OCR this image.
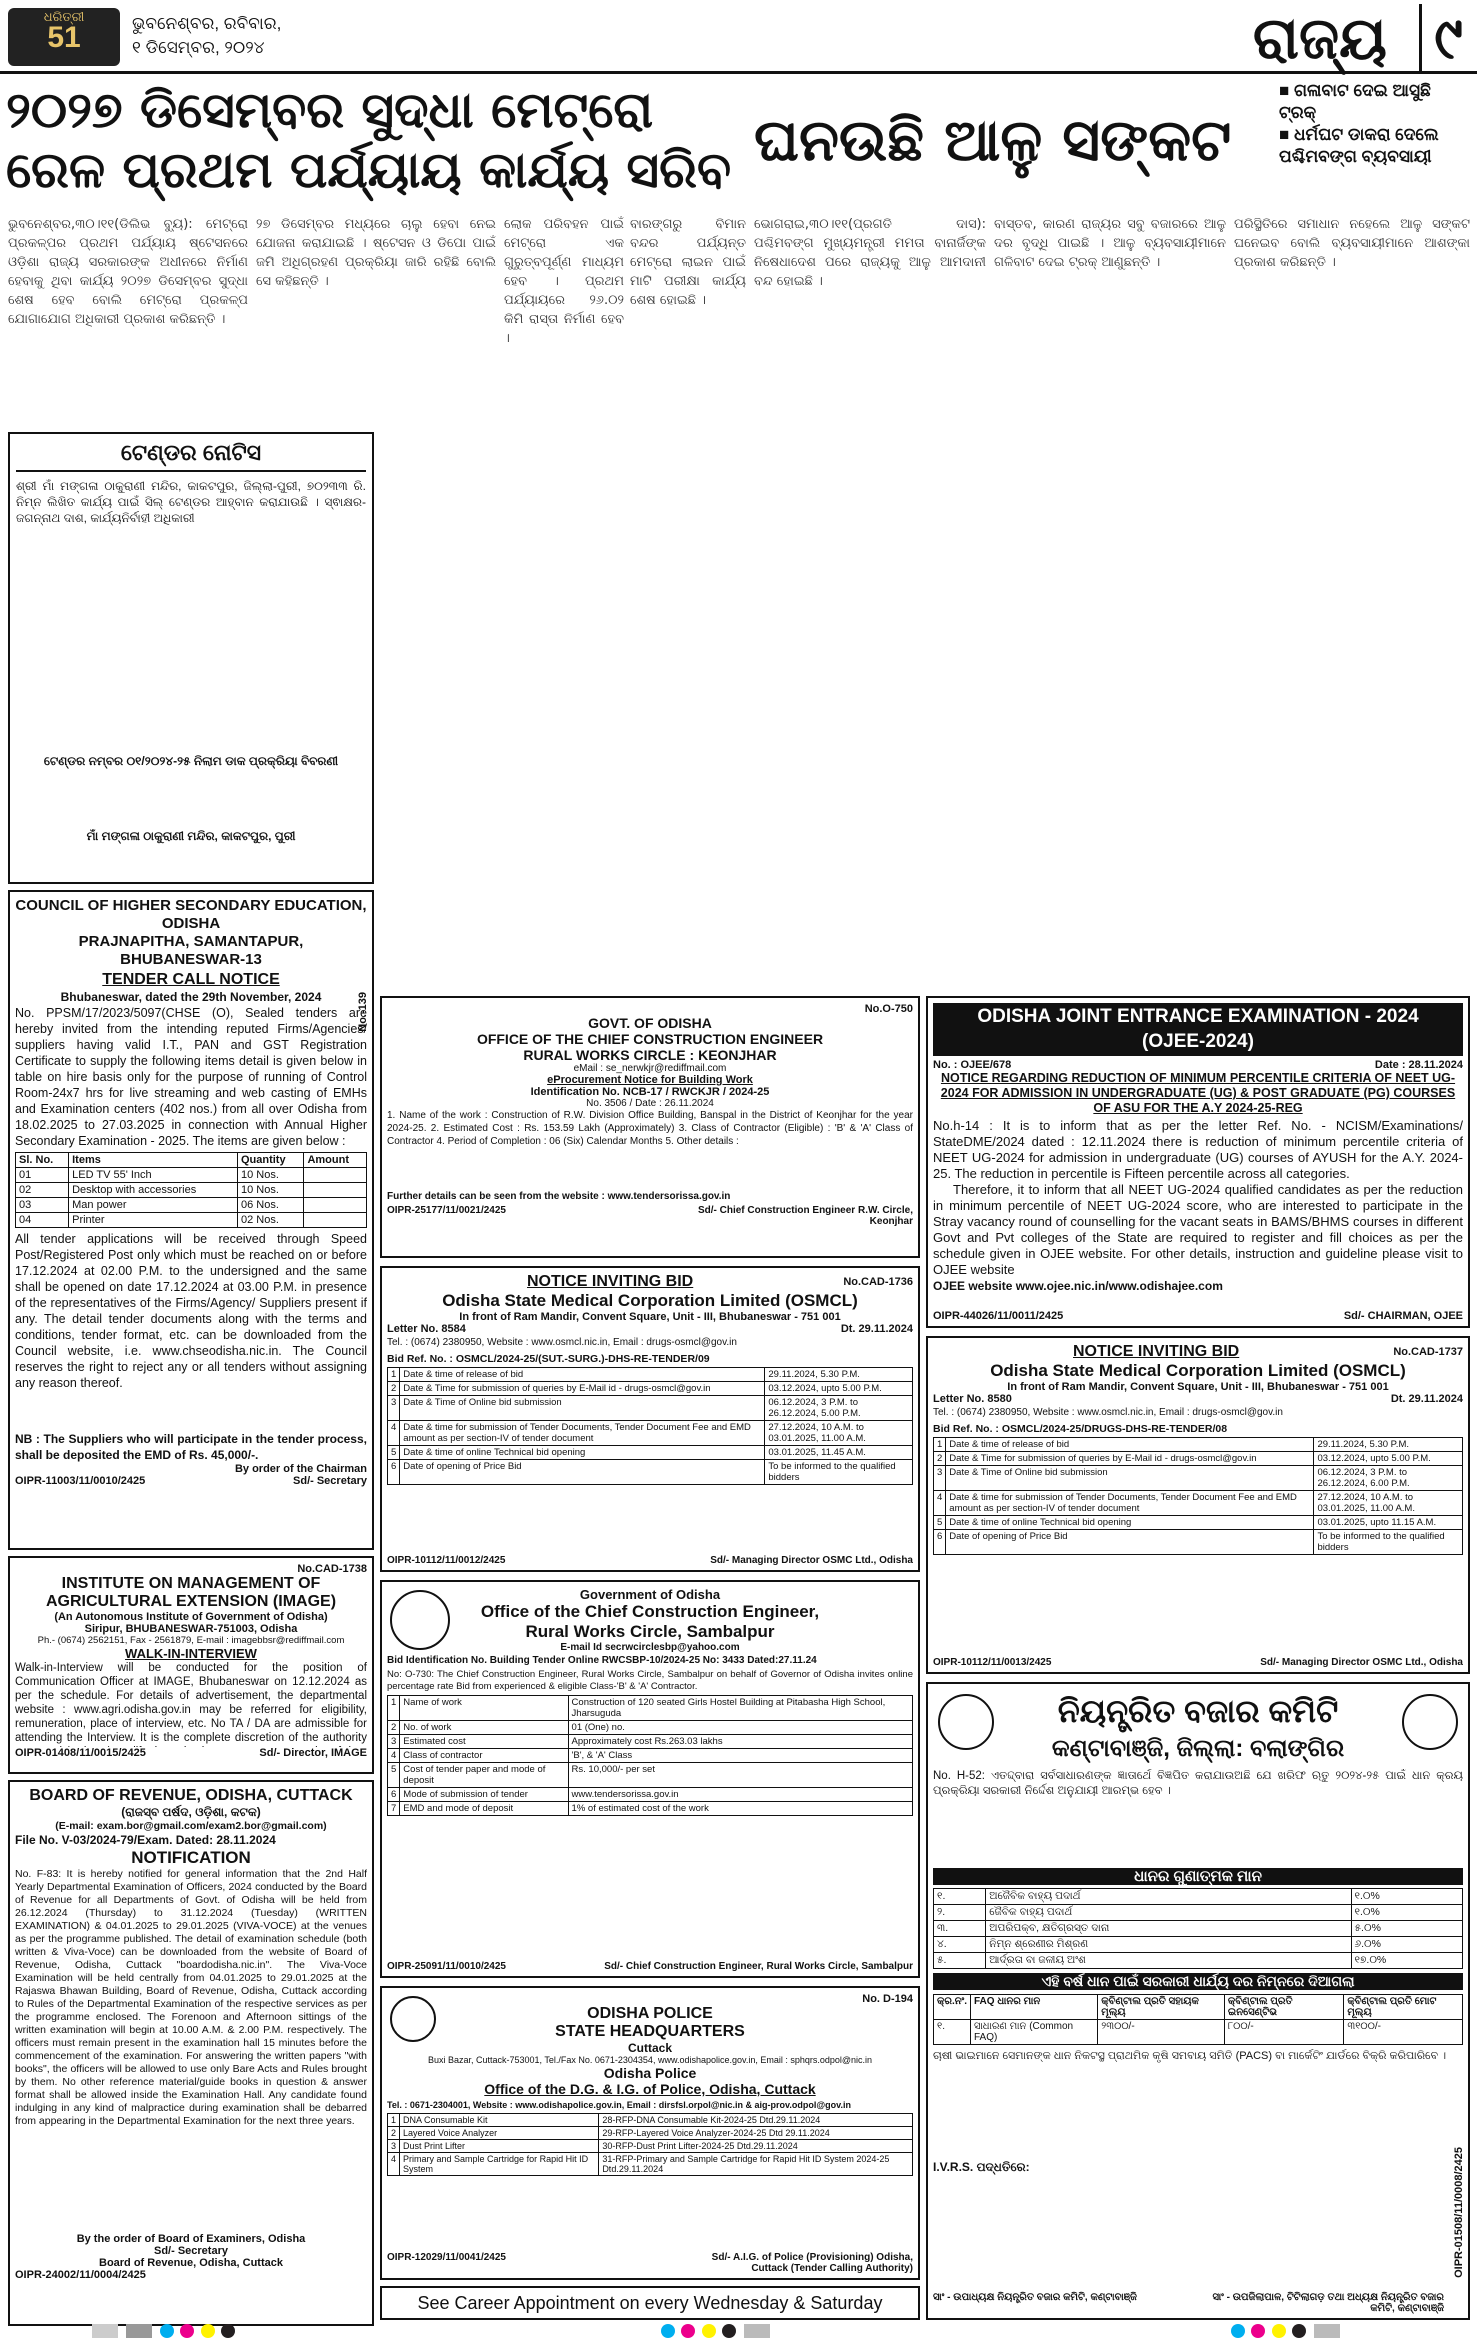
ଧରିତ୍ରୀ
51	ଭୁବନେଶ୍ବର, ରବିବାର,
୧ ଡିସେମ୍ବର, ୨୦୨୪	ରାଜ୍ୟ ୯
୨୦୨୭ ଡିସେମ୍ବର ସୁଦ୍ଧା ମେଟ୍ରୋ
ରେଳ ପ୍ରଥମ ପର୍ଯ୍ୟାୟ କାର୍ଯ୍ୟ ସରିବ
ଭୁବନେଶ୍ବର,୩୦।୧୧(ଡିଲିଭ ବ୍ୟୁ): ମେଟ୍ରୋ ପ୍ରକଳ୍ପର ପ୍ରଥମ ପର୍ଯ୍ୟାୟ ଷ୍ଟେସନରେ ଓଡ଼ିଶା ରାଜ୍ୟ ସରକାରଙ୍କ ଅଧୀନରେ ନିର୍ମାଣ ହେବାକୁ ଥିବା କାର୍ଯ୍ୟ ୨୦୨୭ ଡିସେମ୍ବର ସୁଦ୍ଧା ଶେଷ ହେବ ବୋଲି ମେଟ୍ରୋ ପ୍ରକଳ୍ପ ଯୋଗାଯୋଗ ଅଧିକାରୀ ପ୍ରକାଶ କରିଛନ୍ତି ।
୨୭ ଡିସେମ୍ବର ମଧ୍ୟରେ ଚାଲୁ ହେବା ନେଇ ଯୋଜନା କରାଯାଇଛି । ଷ୍ଟେସନ ଓ ଡିପୋ ପାଇଁ ଜମି ଅଧିଗ୍ରହଣ ପ୍ରକ୍ରିୟା ଜାରି ରହିଛି ବୋଲି ସେ କହିଛନ୍ତି ।
ଲୋକ ପରିବହନ ପାଇଁ ମେଟ୍ରୋ ଏକ ଗୁରୁତ୍ବପୂର୍ଣ୍ଣ ମାଧ୍ୟମ ହେବ । ପ୍ରଥମ ପର୍ଯ୍ୟାୟରେ ୨୬.୦୨ କିମି ରାସ୍ତା ନିର୍ମାଣ ହେବ ।
ବାରଙ୍ଗରୁ ବିମାନ ବନ୍ଦର ପର୍ଯ୍ୟନ୍ତ ମେଟ୍ରୋ ଲାଇନ ପାଇଁ ମାଟି ପରୀକ୍ଷା କାର୍ଯ୍ୟ ଶେଷ ହୋଇଛି ।
ଘନଉଛି ଆଳୁ ସଙ୍କଟ
■ ଗଳାବାଟ ଦେଇ ଆସୁଛି ଟ୍ରକ୍
■ ଧର୍ମଘଟ ଡାକରା ଦେଲେ ପଶ୍ଚିମବଙ୍ଗ ବ୍ୟବସାୟୀ
ଭୋଗରାଇ,୩୦।୧୧(ପ୍ରଗତି ଦାସ): ପଶ୍ଚିମବଙ୍ଗ ମୁଖ୍ୟମନ୍ତ୍ରୀ ମମତା ବାନାର୍ଜିଙ୍କ ନିଷେଧାଦେଶ ପରେ ରାଜ୍ୟକୁ ଆଳୁ ଆମଦାନୀ ବନ୍ଦ ହୋଇଛି ।
ବାସ୍ତବ, କାରଣ ରାଜ୍ୟର ସବୁ ବଜାରରେ ଆଳୁ ଦର ବୃଦ୍ଧି ପାଇଛି । ଆଳୁ ବ୍ୟବସାୟୀମାନେ ଗଳିବାଟ ଦେଇ ଟ୍ରକ୍ ଆଣୁଛନ୍ତି ।
ପରିସ୍ଥିତିରେ ସମାଧାନ ନହେଲେ ଆଳୁ ସଙ୍କଟ ଘନେଇବ ବୋଲି ବ୍ୟବସାୟୀମାନେ ଆଶଙ୍କା ପ୍ରକାଶ କରିଛନ୍ତି ।
ଟେଣ୍ଡର ନୋଟିସ
ଶ୍ରୀ ମାଁ ମଙ୍ଗଳା ଠାକୁରାଣୀ ମନ୍ଦିର, କାକଟପୁର, ଜିଲ୍ଲା-ପୁରୀ, ୭୦୨୩୩ ରି. ନିମ୍ନ ଲିଖିତ କାର୍ଯ୍ୟ ପାଇଁ ସିଲ୍ ଟେଣ୍ଡର ଆହ୍ବାନ କରାଯାଉଛି । ସ୍ଵାକ୍ଷର-ଜଗନ୍ନାଥ ଦାଶ, କାର୍ଯ୍ୟନିର୍ବାହୀ ଅଧିକାରୀ
ଟେଣ୍ଡର ନମ୍ବର ୦୧/୨୦୨୪-୨୫ ନିଲାମ ଡାକ ପ୍ରକ୍ରିୟା ବିବରଣୀ
ମାଁ ମଙ୍ଗଳା ଠାକୁରାଣୀ ମନ୍ଦିର, କାକଟପୁର, ପୁରୀ
COUNCIL OF HIGHER SECONDARY EDUCATION, ODISHA
PRAJNAPITHA, SAMANTAPUR, BHUBANESWAR-13
TENDER CALL NOTICE
Bhubaneswar, dated the 29th November, 2024
No. PPSM/17/2023/5097(CHSE (O), Sealed tenders are hereby invited from the intending reputed Firms/Agencies/ suppliers having valid I.T., PAN and GST Registration Certificate to supply the following items detail is given below in table on hire basis only for the purpose of running of Control Room-24x7 hrs for live streaming and web casting of EMHs and Examination centers (402 nos.) from all over Odisha from 18.02.2025 to 27.03.2025 in connection with Annual Higher Secondary Examination - 2025. The items are given below :
Sl. No.	Items	Quantity	Amount
01	LED TV 55' Inch	10 Nos.	
02	Desktop with accessories	10 Nos.	
03	Man power	06 Nos.	
04	Printer	02 Nos.	
All tender applications will be received through Speed Post/Registered Post only which must be reached on or before 17.12.2024 at 02.00 P.M. to the undersigned and the same shall be opened on date 17.12.2024 at 03.00 P.M. in presence of the representatives of the Firms/Agency/ Suppliers present if any. The detail tender documents along with the terms and conditions, tender format, etc. can be downloaded from the Council website, i.e. www.chseodisha.nic.in. The Council reserves the right to reject any or all tenders without assigning any reason thereof.
NB : The Suppliers who will participate in the tender process, shall be deposited the EMD of Rs. 45,000/-.
By order of the Chairman
OIPR-11003/11/0010/2425	Sd/- Secretary
No.-139
No.CAD-1738
INSTITUTE ON MANAGEMENT OF
AGRICULTURAL EXTENSION (IMAGE)
(An Autonomous Institute of Government of Odisha)
Siripur, BHUBANESWAR-751003, Odisha
Ph.- (0674) 2562151, Fax - 2561879, E-mail : imagebbsr@rediffmail.com
WALK-IN-INTERVIEW
Walk-in-Interview will be conducted for the position of Communication Officer at IMAGE, Bhubaneswar on 12.12.2024 as per the schedule. For details of advertisement, the departmental website : www.agri.odisha.gov.in may be referred for eligibility, remuneration, place of interview, etc. No TA / DA are admissible for attending the Interview. It is the complete discretion of the authority
OIPR-01408/11/0015/2425	Sd/- Director, IMAGE
BOARD OF REVENUE, ODISHA, CUTTACK
(ରାଜସ୍ବ ପର୍ଷଦ, ଓଡ଼ିଶା, କଟକ)
(E-mail: exam.bor@gmail.com/exam2.bor@gmail.com)
File No. V-03/2024-79/Exam. Dated: 28.11.2024
NOTIFICATION
No. F-83: It is hereby notified for general information that the 2nd Half Yearly Departmental Examination of Officers, 2024 conducted by the Board of Revenue for all Departments of Govt. of Odisha will be held from 26.12.2024 (Thursday) to 31.12.2024 (Tuesday) (WRITTEN EXAMINATION) & 04.01.2025 to 29.01.2025 (VIVA-VOCE) at the venues as per the programme published. The detail of examination schedule (both written & Viva-Voce) can be downloaded from the website of Board of Revenue, Odisha, Cuttack "boardodisha.nic.in". The Viva-Voce Examination will be held centrally from 04.01.2025 to 29.01.2025 at the Rajaswa Bhawan Building, Board of Revenue, Odisha, Cuttack according to Rules of the Departmental Examination of the respective services as per the programme enclosed. The Forenoon and Afternoon sittings of the written examination will begin at 10.00 A.M. & 2.00 P.M. respectively. The officers must remain present in the examination hall 15 minutes before the commencement of the examination. For answering the written papers "with books", the officers will be allowed to use only Bare Acts and Rules brought by them. No other reference material/guide books in question & answer format shall be allowed inside the Examination Hall. Any candidate found indulging in any kind of malpractice during examination shall be debarred from appearing in the Departmental Examination for the next three years.
By the order of Board of Examiners, Odisha
Sd/- Secretary
Board of Revenue, Odisha, Cuttack
OIPR-24002/11/0004/2425
No.O-750
GOVT. OF ODISHA
OFFICE OF THE CHIEF CONSTRUCTION ENGINEER
RURAL WORKS CIRCLE : KEONJHAR
eMail : se_nerwkjr@rediffmail.com
eProcurement Notice for Building Work
Identification No. NCB-17 / RWCKJR / 2024-25
No. 3506 / Date : 26.11.2024
1. Name of the work : Construction of R.W. Division Office Building, Banspal in the District of Keonjhar for the year 2024-25. 2. Estimated Cost : Rs. 153.59 Lakh (Approximately) 3. Class of Contractor (Eligible) : 'B' & 'A' Class of Contractor 4. Period of Completion : 06 (Six) Calendar Months 5. Other details :
Further details can be seen from the website : www.tendersorissa.gov.in
OIPR-25177/11/0021/2425	Sd/- Chief Construction Engineer R.W. Circle, Keonjhar
NOTICE INVITING BID	No.CAD-1736
Odisha State Medical Corporation Limited (OSMCL)
In front of Ram Mandir, Convent Square, Unit - III, Bhubaneswar - 751 001
Letter No. 8584	Dt. 29.11.2024
Tel. : (0674) 2380950, Website : www.osmcl.nic.in, Email : drugs-osmcl@gov.in
Bid Ref. No. : OSMCL/2024-25/(SUT.-SURG.)-DHS-RE-TENDER/09
1	Date & time of release of bid	29.11.2024, 5.30 P.M.
2	Date & Time for submission of queries by E-Mail id - drugs-osmcl@gov.in	03.12.2024, upto 5.00 P.M.
3	Date & Time of Online bid submission	06.12.2024, 3 P.M. to 26.12.2024, 5.00 P.M.
4	Date & time for submission of Tender Documents, Tender Document Fee and EMD amount as per section-IV of tender document	27.12.2024, 10 A.M. to 03.01.2025, 11.00 A.M.
5	Date & time of online Technical bid opening	03.01.2025, 11.45 A.M.
6	Date of opening of Price Bid	To be informed to the qualified bidders
OIPR-10112/11/0012/2425	Sd/- Managing Director OSMC Ltd., Odisha
Government of Odisha
Office of the Chief Construction Engineer,
Rural Works Circle, Sambalpur
E-mail Id secrwcirclesbp@yahoo.com
Bid Identification No. Building Tender Online RWCSBP-10/2024-25 No: 3433 Dated:27.11.24
No: O-730: The Chief Construction Engineer, Rural Works Circle, Sambalpur on behalf of Governor of Odisha invites online percentage rate Bid from experienced & eligible Class-'B' & 'A' Contractor.
1	Name of work	Construction of 120 seated Girls Hostel Building at Pitabasha High School, Jharsuguda
2	No. of work	01 (One) no.
3	Estimated cost	Approximately cost Rs.263.03 lakhs
4	Class of contractor	'B', & 'A' Class
5	Cost of tender paper and mode of deposit	Rs. 10,000/- per set
6	Mode of submission of tender	www.tendersorissa.gov.in
7	EMD and mode of deposit	1% of estimated cost of the work
OIPR-25091/11/0010/2425	Sd/- Chief Construction Engineer, Rural Works Circle, Sambalpur
No. D-194
ODISHA POLICE
STATE HEADQUARTERS
Cuttack
Buxi Bazar, Cuttack-753001, Tel./Fax No. 0671-2304354, www.odishapolice.gov.in, Email : sphqrs.odpol@nic.in
Odisha Police
Office of the D.G. & I.G. of Police, Odisha, Cuttack
Tel. : 0671-2304001, Website : www.odishapolice.gov.in, Email : dirsfsl.orpol@nic.in & aig-prov.odpol@gov.in
1	DNA Consumable Kit	28-RFP-DNA Consumable Kit-2024-25 Dtd.29.11.2024
2	Layered Voice Analyzer	29-RFP-Layered Voice Analyzer-2024-25 Dtd 29.11.2024
3	Dust Print Lifter	30-RFP-Dust Print Lifter-2024-25 Dtd.29.11.2024
4	Primary and Sample Cartridge for Rapid Hit ID System	31-RFP-Primary and Sample Cartridge for Rapid Hit ID System 2024-25 Dtd.29.11.2024
OIPR-12029/11/0041/2425	Sd/- A.I.G. of Police (Provisioning) Odisha, Cuttack (Tender Calling Authority)
See Career Appointment on every Wednesday & Saturday
ODISHA JOINT ENTRANCE EXAMINATION - 2024
(OJEE-2024)
No. : OJEE/678	Date : 28.11.2024
NOTICE REGARDING REDUCTION OF MINIMUM PERCENTILE CRITERIA OF NEET UG-2024 FOR ADMISSION IN UNDERGRADUATE (UG) & POST GRADUATE (PG) COURSES OF ASU FOR THE A.Y 2024-25-REG
No.h-14 : It is to inform that as per the letter Ref. No. - NCISM/Examinations/ StateDME/2024 dated : 12.11.2024 there is reduction of minimum percentile criteria of NEET UG-2024 for admission in undergraduate (UG) courses of AYUSH for the A.Y. 2024-25. The reduction in percentile is Fifteen percentile across all categories.
Therefore, it to inform that all NEET UG-2024 qualified candidates as per the reduction in minimum percentile of NEET UG-2024 score, who are interested to participate in the Stray vacancy round of counselling for the vacant seats in BAMS/BHMS courses in different Govt and Pvt colleges of the State are required to register and fill choices as per the schedule given in OJEE website. For other details, instruction and guideline please visit to OJEE website
OJEE website www.ojee.nic.in/www.odishajee.com
OIPR-44026/11/0011/2425	Sd/- CHAIRMAN, OJEE
NOTICE INVITING BID	No.CAD-1737
Odisha State Medical Corporation Limited (OSMCL)
In front of Ram Mandir, Convent Square, Unit - III, Bhubaneswar - 751 001
Letter No. 8580	Dt. 29.11.2024
Tel. : (0674) 2380950, Website : www.osmcl.nic.in, Email : drugs-osmcl@gov.in
Bid Ref. No. : OSMCL/2024-25/DRUGS-DHS-RE-TENDER/08
1	Date & time of release of bid	29.11.2024, 5.30 P.M.
2	Date & Time for submission of queries by E-Mail id - drugs-osmcl@gov.in	03.12.2024, upto 5.00 P.M.
3	Date & Time of Online bid submission	06.12.2024, 3 P.M. to 26.12.2024, 6.00 P.M.
4	Date & time for submission of Tender Documents, Tender Document Fee and EMD amount as per section-IV of tender document	27.12.2024, 10 A.M. to 03.01.2025, 11.00 A.M.
5	Date & time of online Technical bid opening	03.01.2025, upto 11.15 A.M.
6	Date of opening of Price Bid	To be informed to the qualified bidders
OIPR-10112/11/0013/2425	Sd/- Managing Director OSMC Ltd., Odisha
ନିୟନ୍ତ୍ରିତ ବଜାର କମିଟି
କଣ୍ଟାବାଞ୍ଜି, ଜିଲ୍ଲା: ବଲାଙ୍ଗିର
No. H-52: ଏତଦ୍ଦ୍ବାରା ସର୍ବସାଧାରଣଙ୍କ ଜ୍ଞାତାର୍ଥେ ବିଜ୍ଞପିତ କରାଯାଉଅଛି ଯେ ଖରିଫ ଋତୁ ୨୦୨୪-୨୫ ପାଇଁ ଧାନ କ୍ରୟ ପ୍ରକ୍ରିୟା ସରକାରୀ ନିର୍ଦ୍ଦେଶ ଅନୁଯାୟୀ ଆରମ୍ଭ ହେବ ।
ଧାନର ଗୁଣାତ୍ମକ ମାନ
୧.	ଅଜୈବିକ ବାହ୍ୟ ପଦାର୍ଥ	୧.୦%
୨.	ଜୈବିକ ବାହ୍ୟ ପଦାର୍ଥ	୧.୦%
୩.	ଅପରିପକ୍ବ, କ୍ଷତିଗ୍ରସ୍ତ ଦାନା	୫.୦%
୪.	ନିମ୍ନ ଶ୍ରେଣୀର ମିଶ୍ରଣ	୬.୦%
୫.	ଆର୍ଦ୍ରତା ବା ଜଳୀୟ ଅଂଶ	୧୭.୦%
ଏହି ବର୍ଷ ଧାନ ପାଇଁ ସରକାରୀ ଧାର୍ଯ୍ୟ ଦର ନିମ୍ନରେ ଦିଆଗଲା
କ୍ର.ନଂ.	FAQ ଧାନର ମାନ	କ୍ବିଣ୍ଟାଲ ପ୍ରତି ସହାୟକ ମୂଲ୍ୟ	କ୍ବିଣ୍ଟାଲ ପ୍ରତି ଇନସେଣ୍ଟିଭ	କ୍ବିଣ୍ଟାଲ ପ୍ରତି ମୋଟ ମୂଲ୍ୟ
୧.	ସାଧାରଣ ମାନ (Common FAQ)	୨୩୦୦/-	୮୦୦/-	୩୧୦୦/-
ଚାଷୀ ଭାଇମାନେ ସେମାନଙ୍କ ଧାନ ନିକଟସ୍ଥ ପ୍ରାଥମିକ କୃଷି ସମବାୟ ସମିତି (PACS) ବା ମାର୍କେଟିଂ ଯାର୍ଡରେ ବିକ୍ରି କରିପାରିବେ ।
I.V.R.S. ପଦ୍ଧତିରେ:
ସାଂ - ଉପାଧ୍ୟକ୍ଷ ନିୟନ୍ତ୍ରିତ ବଜାର କମିଟି, କଣ୍ଟାବାଞ୍ଜି	ସାଂ - ଉପଜିଲାପାଳ, ଟିଟିଲାଗଡ଼ ତଥା ଅଧ୍ୟକ୍ଷ ନିୟନ୍ତ୍ରିତ ବଜାର କମିଟି, କଣ୍ଟାବାଞ୍ଜି
OIPR-01508/11/0008/2425
